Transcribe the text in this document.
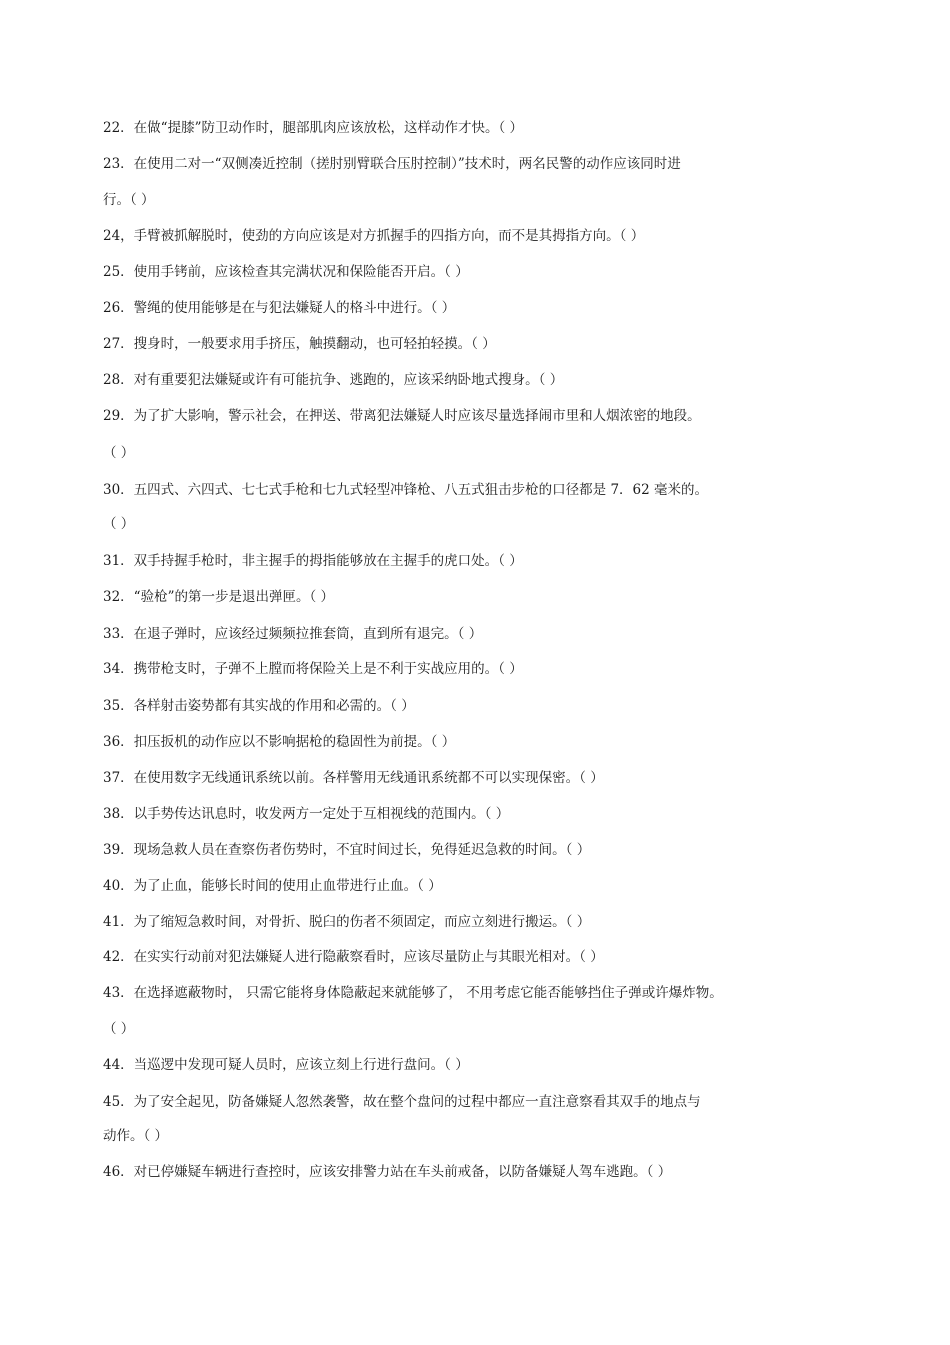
22．在做“提膝”防卫动作时，腿部肌肉应该放松，这样动作才快。（ ）
23．在使用二对一“双侧凑近控制（搓肘别臂联合压肘控制）”技术时，两名民警的动作应该同时进
行。（ ）
24，手臂被抓解脱时，使劲的方向应该是对方抓握手的四指方向，而不是其拇指方向。（ ）
25．使用手铐前，应该检查其完满状况和保险能否开启。（ ）
26．警绳的使用能够是在与犯法嫌疑人的格斗中进行。（ ）
27．搜身时，一般要求用手挤压，触摸翻动，也可轻拍轻摸。（ ）
28．对有重要犯法嫌疑或许有可能抗争、逃跑的，应该采纳卧地式搜身。（ ）
29．为了扩大影响，警示社会，在押送、带离犯法嫌疑人时应该尽量选择闹市里和人烟浓密的地段。
（ ）
30．五四式、六四式、七七式手枪和七九式轻型冲锋枪、八五式狙击步枪的口径都是 7．62 毫米的。
（ ）
31．双手持握手枪时，非主握手的拇指能够放在主握手的虎口处。（ ）
32．“验枪”的第一步是退出弹匣。（ ）
33．在退子弹时，应该经过频频拉推套筒，直到所有退完。（ ）
34．携带枪支时，子弹不上膛而将保险关上是不利于实战应用的。（ ）
35．各样射击姿势都有其实战的作用和必需的。（ ）
36．扣压扳机的动作应以不影响据枪的稳固性为前提。（ ）
37．在使用数字无线通讯系统以前。各样警用无线通讯系统都不可以实现保密。（ ）
38．以手势传达讯息时，收发两方一定处于互相视线的范围内。（ ）
39．现场急救人员在查察伤者伤势时，不宜时间过长，免得延迟急救的时间。（ ）
40．为了止血，能够长时间的使用止血带进行止血。（ ）
41．为了缩短急救时间，对骨折、脱臼的伤者不须固定，而应立刻进行搬运。（ ）
42．在实实行动前对犯法嫌疑人进行隐蔽察看时，应该尽量防止与其眼光相对。（ ）
43．在选择遮蔽物时， 只需它能将身体隐蔽起来就能够了， 不用考虑它能否能够挡住子弹或许爆炸物。
（ ）
44．当巡逻中发现可疑人员时，应该立刻上行进行盘问。（ ）
45．为了安全起见，防备嫌疑人忽然袭警，故在整个盘问的过程中都应一直注意察看其双手的地点与
动作。（ ）
46．对已停嫌疑车辆进行查控时，应该安排警力站在车头前戒备，以防备嫌疑人驾车逃跑。（ ）
